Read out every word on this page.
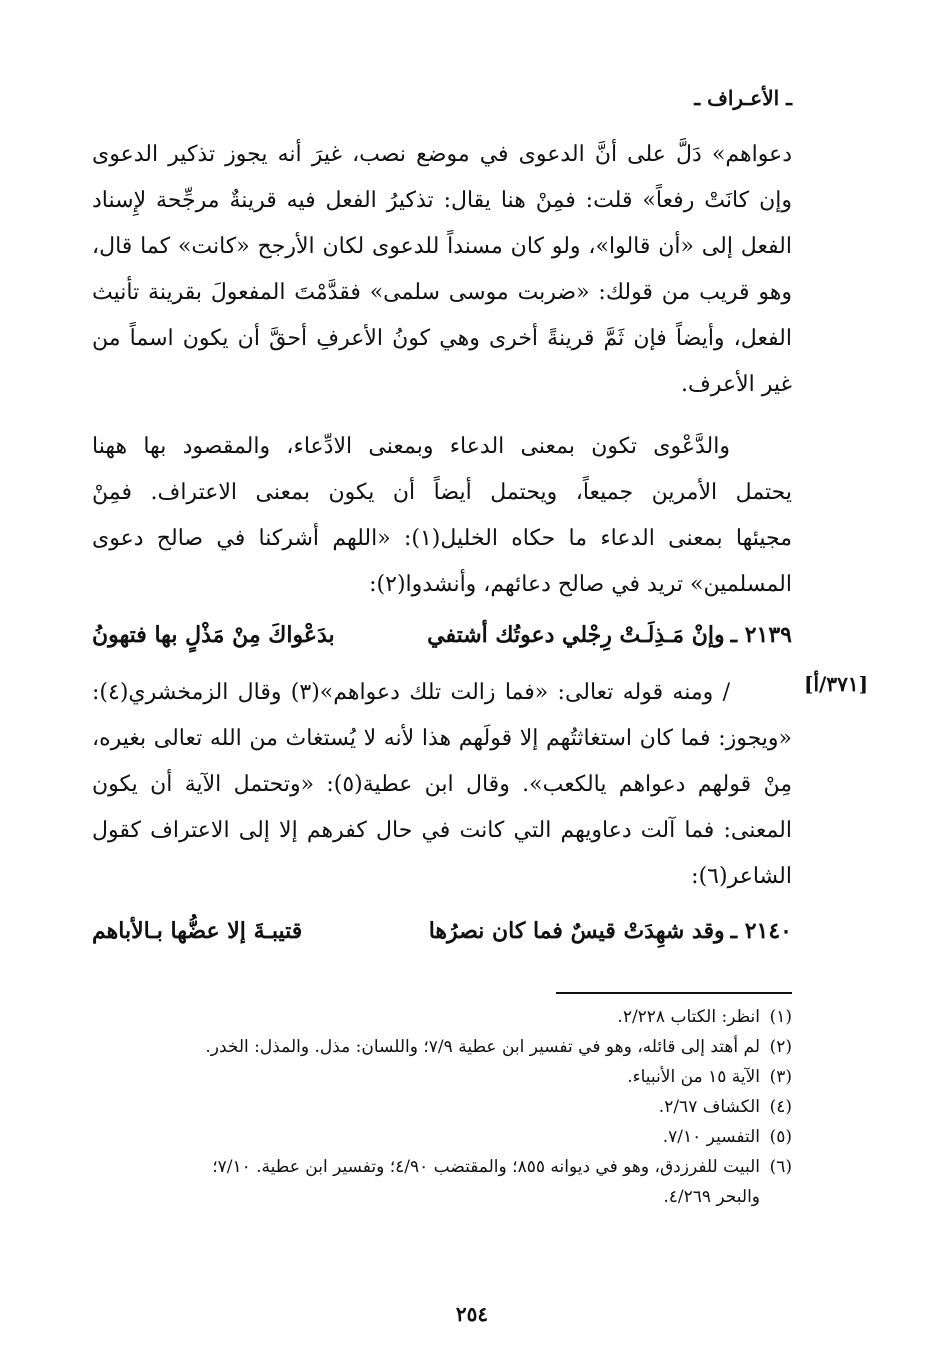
ـ الأعـراف ـ
دعواهم» دَلَّ على أنَّ الدعوى في موضع نصب، غيرَ أنه يجوز تذكير الدعوى
وإن كانَتْ رفعاً» قلت: فمِنْ هنا يقال: تذكيرُ الفعل فيه قرينةٌ مرجِّحة لإِسناد
الفعل إلى «أن قالوا»، ولو كان مسنداً للدعوى لكان الأرجح «كانت» كما قال،
وهو قريب من قولك: «ضربت موسى سلمى» فقدَّمْتَ المفعولَ بقرينة تأنيث
الفعل، وأيضاً فإن ثَمَّ قرينةً أخرى وهي كونُ الأعرفِ أحقَّ أن يكون اسماً من
غير الأعرف.
والدَّعْوى تكون بمعنى الدعاء وبمعنى الادِّعاء، والمقصود بها ههنا
يحتمل الأمرين جميعاً، ويحتمل أيضاً أن يكون بمعنى الاعتراف. فمِنْ
مجيئها بمعنى الدعاء ما حكاه الخليل(١): «اللهم أشركنا في صالح دعوى
المسلمين» تريد في صالح دعائهم، وأنشدوا(٢):
٢١٣٩ ـوإنْ مَـذِلَـتْ رِجْلي دعوتُك أشتفي
بدَعْواكَ مِنْ مَذْلٍ بها فتهونُ
[٣٧١/أ]
/ ومنه قوله تعالى: «فما زالت تلك دعواهم»(٣) وقال الزمخشري(٤):
«ويجوز: فما كان استغاثتُهم إلا قولَهم هذا لأنه لا يُستغاث من الله تعالى بغيره،
مِنْ قولهم دعواهم يالكعب». وقال ابن عطية(٥): «وتحتمل الآية أن يكون
المعنى: فما آلت دعاويهم التي كانت في حال كفرهم إلا إلى الاعتراف كقول
الشاعر(٦):
٢١٤٠ ـوقد شهِدَتْ قيسٌ فما كان نصرُها
قتيبـةَ إلا عضُّها بـالأباهم
(١)انظر: الكتاب ٢/٢٢٨.
(٢)لم أهتد إلى قائله، وهو في تفسير ابن عطية ٧/٩؛ واللسان: مذل. والمذل: الخدر.
(٣)الآية ١٥ من الأنبياء.
(٤)الكشاف ٢/٦٧.
(٥)التفسير ٧/١٠.
(٦)البيت للفرزدق، وهو في ديوانه ٨٥٥؛ والمقتضب ٤/٩٠؛ وتفسير ابن عطية. ٧/١٠؛
والبحر ٤/٢٦٩.
٢٥٤
